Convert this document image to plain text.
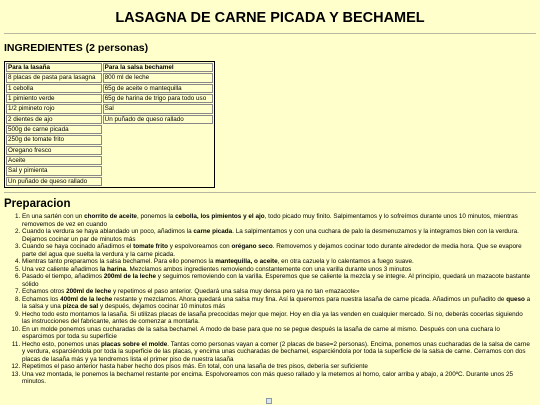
LASAGNA DE CARNE PICADA Y BECHAMEL
INGREDIENTES (2 personas)
Para la lasaña	Para la salsa bechamel
8 placas de pasta para lasagna	800 ml de leche
1 cebolla	65g de aceite o mantequilla
1 pimiento verde	65g de harina de trigo para todo uso
1/2 pimineto rojo	Sal
2 dientes de ajo	Un puñado de queso rallado
500g de carne picada	
250g de tomate frito	
Oregano fresco	
Aceite	
Sal y pimienta	
Un puñado de queso rallado	
Preparacion
1. En una sartén con un chorrito de aceite, ponemos la cebolla, los pimientos y el ajo, todo picado muy finito. Salpimentamos y lo sofreímos durante unos 10 minutos, mientras removemos de vez en cuando
2. Cuando la verdura se haya ablandado un poco, añadimos la carne picada. La salpimentamos y con una cuchara de palo la desmenuzamos y la integramos bien con la verdura. Dejamos cocinar un par de minutos más
3. Cuando se haya cocinado añadimos el tomate frito y espolvoreamos con orégano seco. Removemos y dejamos cocinar todo durante alrededor de media hora. Que se evapore parte del agua que suelta la verdura y la carne picada.
4. Mientras tanto preparamos la salsa bechamel. Para ello ponemos la mantequilla, o aceite, en otra cazuela y lo calentamos a fuego suave.
5. Una vez caliente añadimos la harina. Mezclamos ambos ingredientes removiendo constantemente con una varilla durante unos 3 minutos
6. Pasado el tiempo, añadimos 200ml de la leche y seguimos removiendo con la varilla. Esperemos que se caliente la mezcla y se integre. Al principio, quedará un mazacote bastante sólido
7. Echamos otros 200ml de leche y repetimos el paso anterior. Quedará una salsa muy densa pero ya no tan «mazacote»
8. Echamos los 400ml de la leche restante y mezclamos. Ahora quedará una salsa muy fina. Así la queremos para nuestra lasaña de carne picada. Añadimos un puñadito de queso a la salsa y una pizca de sal y después, dejamos cocinar 10 minutos más
9. Hecho todo esto montamos la lasaña. Si utilizas placas de lasaña precocidas mejor que mejor. Hoy en día ya las venden en cualquier mercado. Si no, deberás cocerlas siguiendo las instrucciones del fabricante, antes de comenzar a montarla.
10. En un molde ponemos unas cucharadas de la salsa bechamel. A modo de base para que no se pegue después la lasaña de carne al mismo. Después con una cuchara lo esparcimos por toda su superficie
11. Hecho esto, ponemos unas placas sobre el molde. Tantas como personas vayan a comer (2 placas de base=2 personas). Encima, ponemos unas cucharadas de la salsa de carne y verdura, esparciéndola por toda la superficie de las placas, y encima unas cucharadas de bechamel, esparciéndola por toda la superficie de la salsa de carne. Cerramos con dos placas de lasaña más y ya tendremos lista el primer piso de nuestra lasaña
12. Repetimos el paso anterior hasta haber hecho dos pisos más. En total, con una lasaña de tres pisos, debería ser suficiente
13. Una vez montada, le ponemos la bechamel restante por encima. Espolvoreamos con más queso rallado y la metemos al horno, calor arriba y abajo, a 200ºC. Durante unos 25 minutos.
